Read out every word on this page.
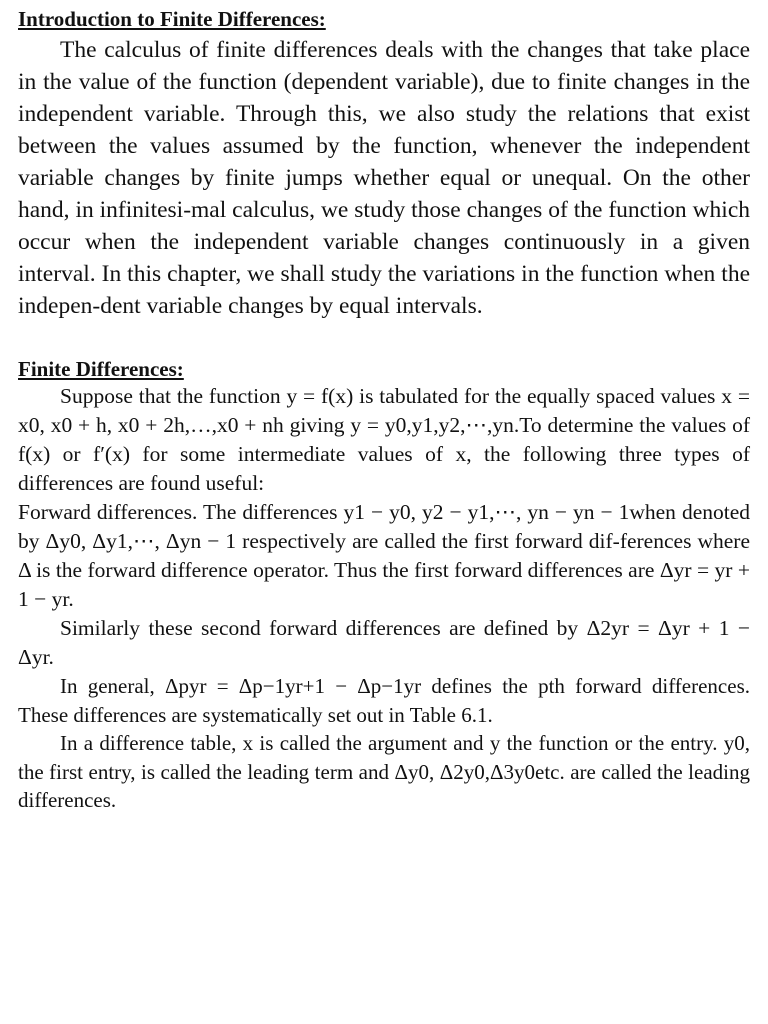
Introduction to Finite Differences:

The calculus of finite differences deals with the changes that take place in the value of the function (dependent variable), due to finite changes in the independent variable. Through this, we also study the relations that exist between the values assumed by the function, whenever the independent variable changes by finite jumps whether equal or unequal. On the other hand, in infinitesi-mal calculus, we study those changes of the function which occur when the independent variable changes continuously in a given interval. In this chapter, we shall study the variations in the function when the indepen-dent variable changes by equal intervals.

Finite Differences:

Suppose that the function y = f(x) is tabulated for the equally spaced values x = x0, x0 + h, x0 + 2h,…,x0 + nh giving y = y0,y1,y2,⋯,yn.To determine the values of f(x) or f′(x) for some intermediate values of x, the following three types of differences are found useful:

Forward differences. The differences y1 − y0, y2 − y1,⋯, yn − yn − 1when denoted by Δy0, Δy1,⋯, Δyn − 1 respectively are called the first forward dif-ferences where Δ is the forward difference operator. Thus the first forward differences are Δyr = yr + 1 − yr.

Similarly these second forward differences are defined by Δ2yr = Δyr + 1 − Δyr.

In general, Δpyr = Δp−1yr+1 − Δp−1yr defines the pth forward differences. These differences are systematically set out in Table 6.1.

In a difference table, x is called the argument and y the function or the entry. y0, the first entry, is called the leading term and Δy0, Δ2y0,Δ3y0etc. are called the leading differences.
